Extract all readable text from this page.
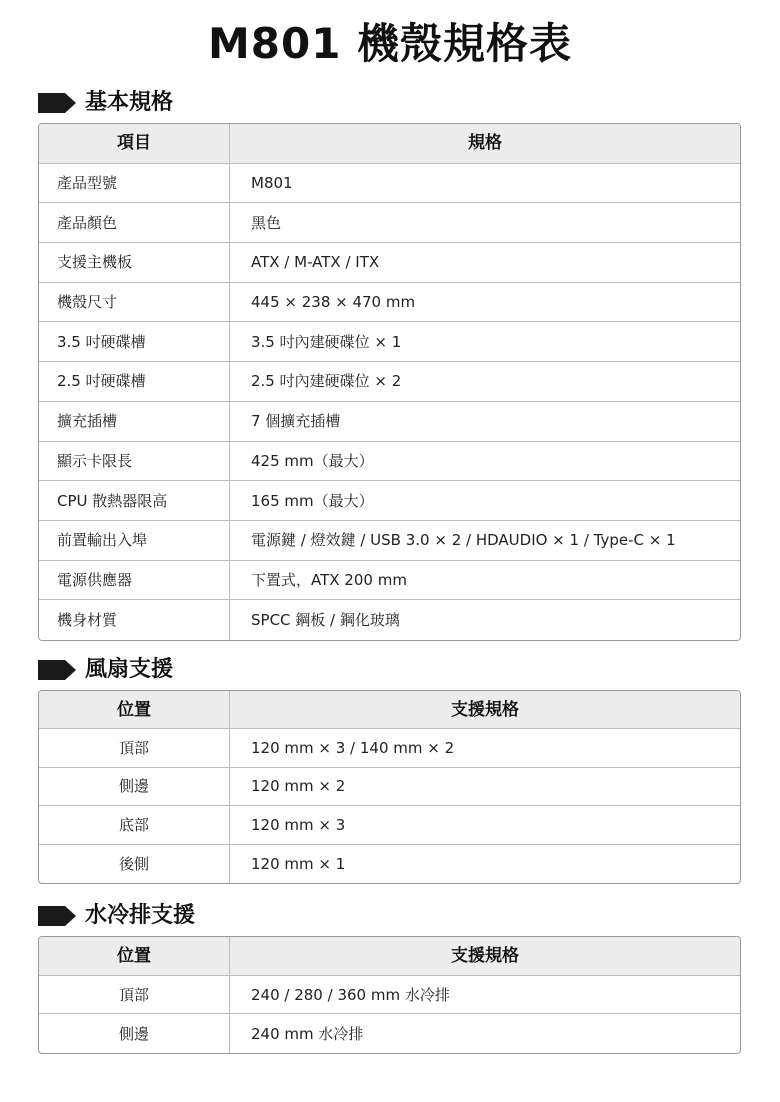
M801 機殼規格表
基本規格
項目	規格
產品型號	M801
產品顏色	黑色
支援主機板	ATX / M-ATX / ITX
機殼尺寸	445 × 238 × 470 mm
3.5 吋硬碟槽	3.5 吋內建硬碟位 × 1
2.5 吋硬碟槽	2.5 吋內建硬碟位 × 2
擴充插槽	7 個擴充插槽
顯示卡限長	425 mm（最大）
CPU 散熱器限高	165 mm（最大）
前置輸出入埠	電源鍵 / 燈效鍵 / USB 3.0 × 2 / HDAUDIO × 1 / Type-C × 1
電源供應器	下置式，ATX 200 mm
機身材質	SPCC 鋼板 / 鋼化玻璃
風扇支援
位置	支援規格
頂部	120 mm × 3 / 140 mm × 2
側邊	120 mm × 2
底部	120 mm × 3
後側	120 mm × 1
水冷排支援
位置	支援規格
頂部	240 / 280 / 360 mm 水冷排
側邊	240 mm 水冷排
